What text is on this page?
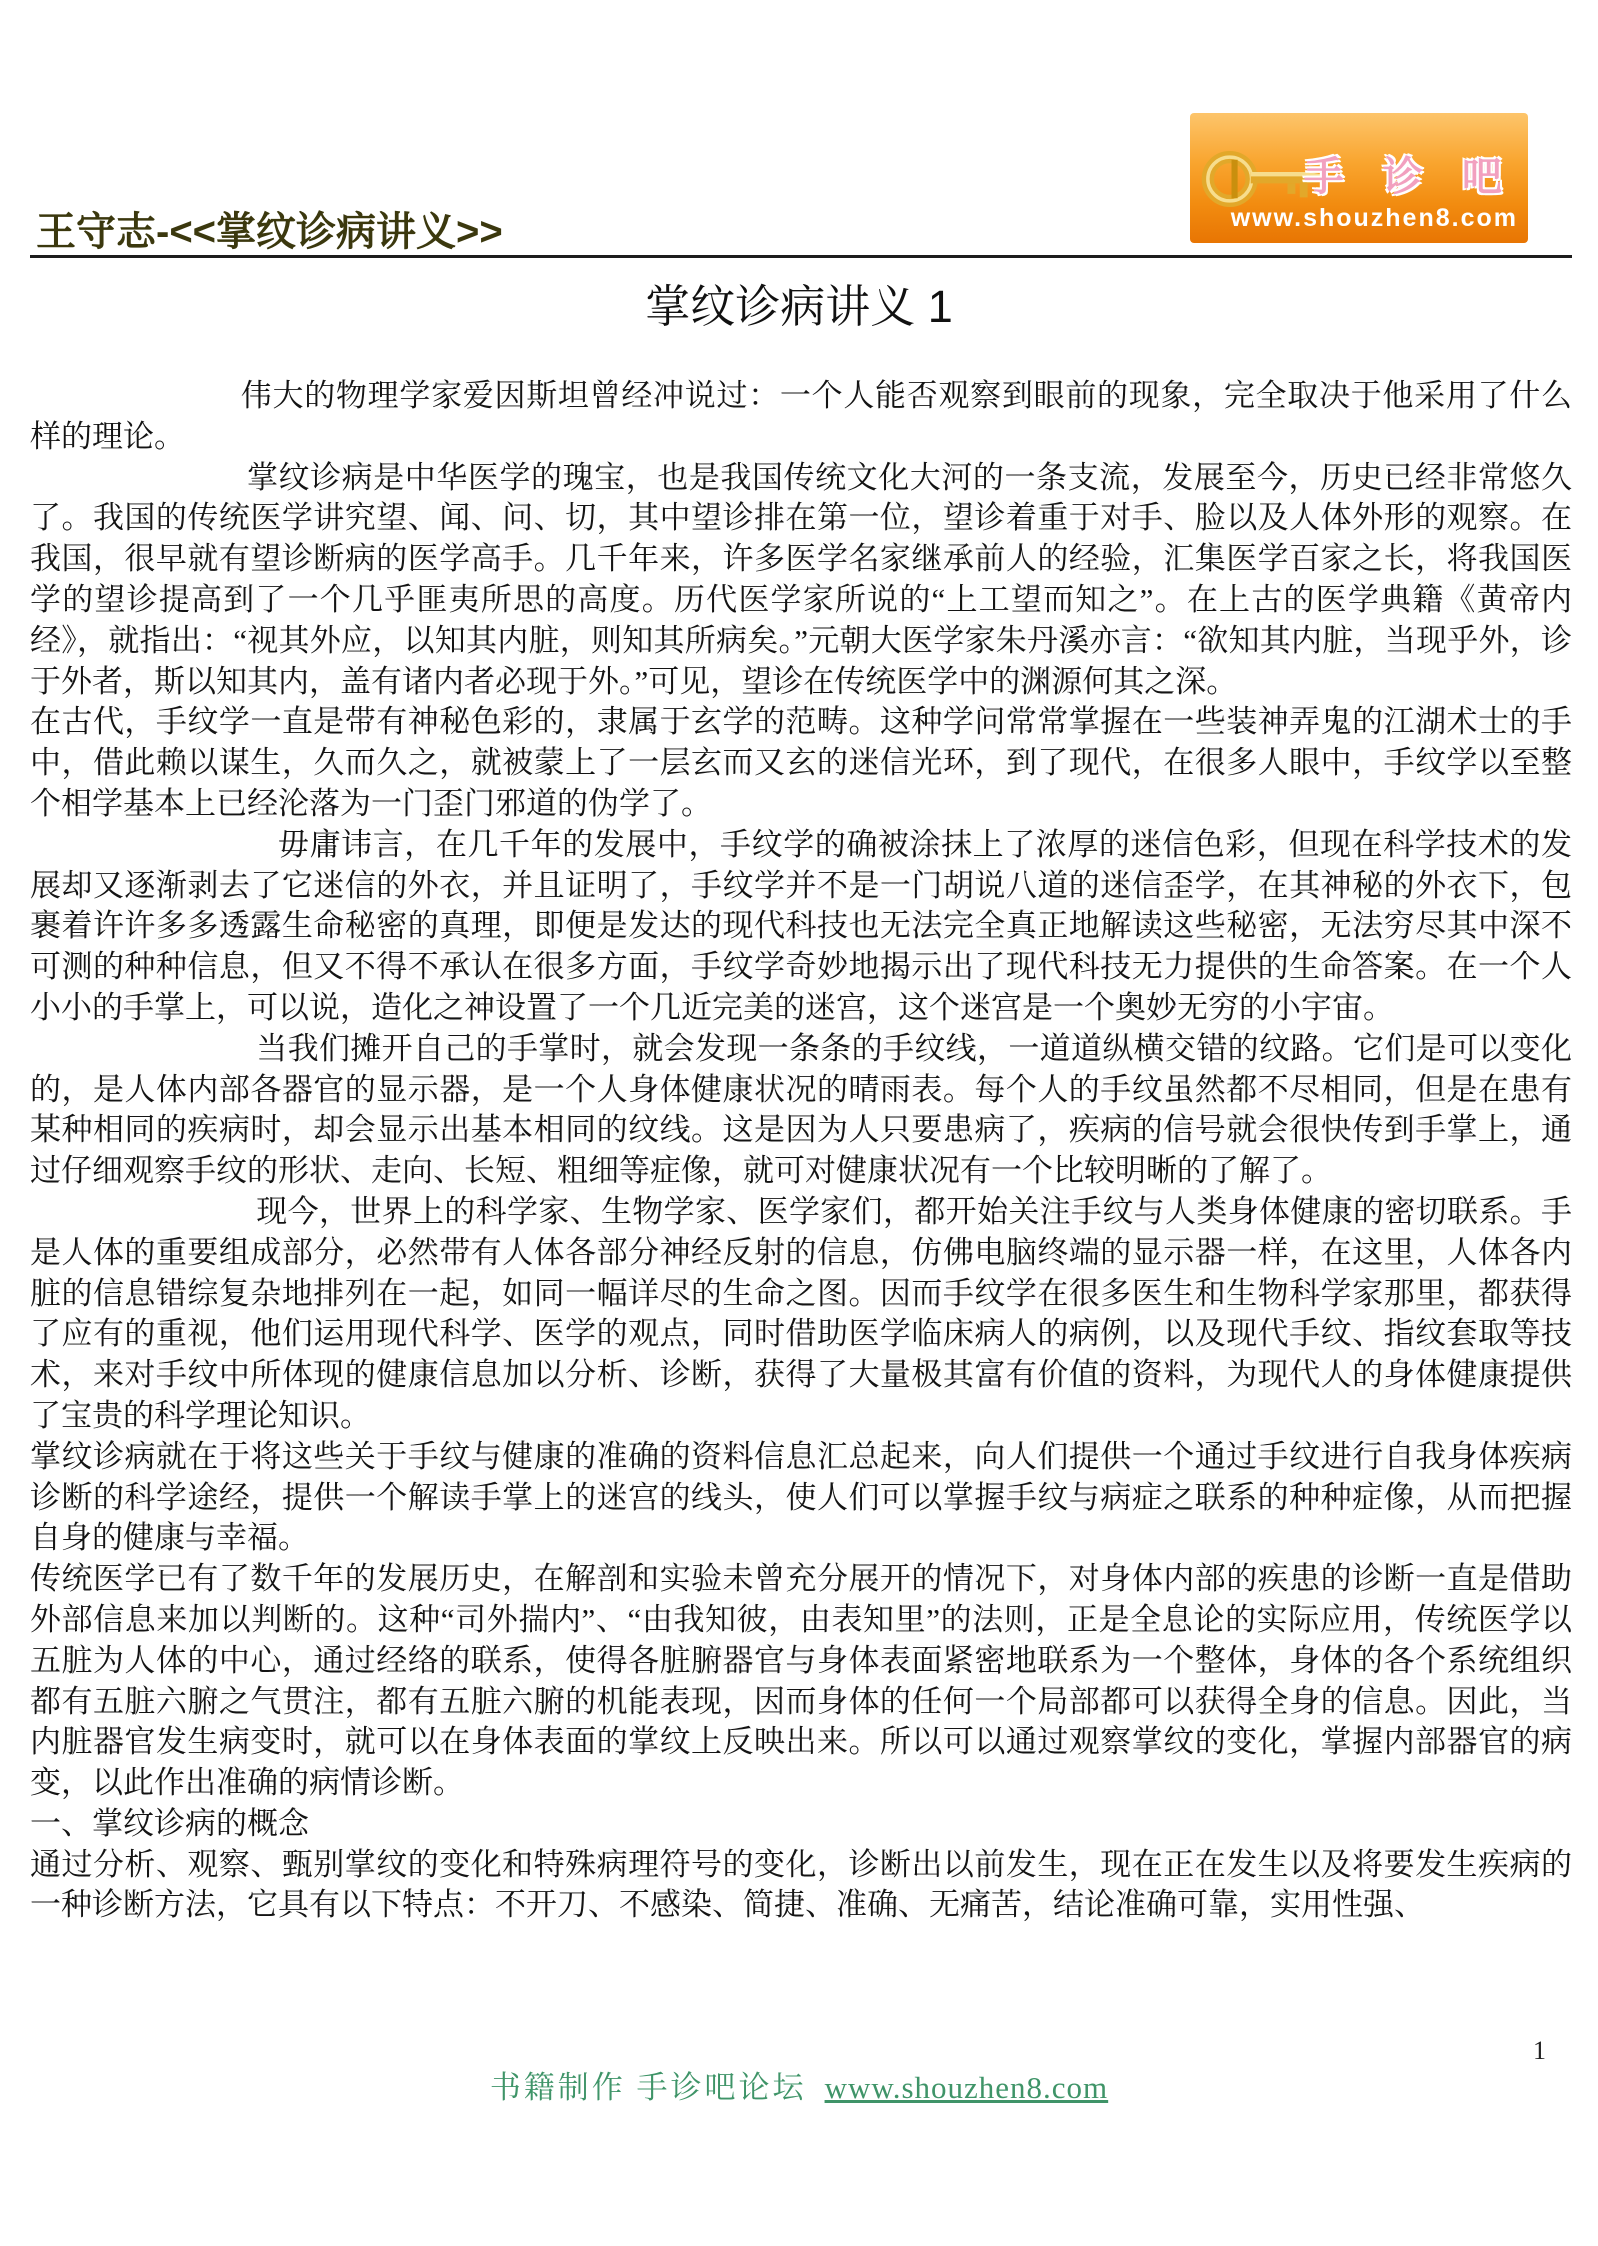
手 诊 吧
www.shouzhen8.com
王守志-<<掌纹诊病讲义>>
掌纹诊病讲义 1

伟大的物理学家爱因斯坦曾经冲说过：一个人能否观察到眼前的现象，完全取决于他采用了什么样的理论。

掌纹诊病是中华医学的瑰宝，也是我国传统文化大河的一条支流，发展至今，历史已经非常悠久了。我国的传统医学讲究望、闻、问、切，其中望诊排在第一位，望诊着重于对手、脸以及人体外形的观察。在我国，很早就有望诊断病的医学高手。几千年来，许多医学名家继承前人的经验，汇集医学百家之长，将我国医学的望诊提高到了一个几乎匪夷所思的高度。历代医学家所说的“上工望而知之”。在上古的医学典籍《黄帝内经》，就指出：“视其外应，以知其内脏，则知其所病矣。”元朝大医学家朱丹溪亦言：“欲知其内脏，当现乎外，诊于外者，斯以知其内，盖有诸内者必现于外。”可见，望诊在传统医学中的渊源何其之深。

在古代，手纹学一直是带有神秘色彩的，隶属于玄学的范畴。这种学问常常掌握在一些装神弄鬼的江湖术士的手中，借此赖以谋生，久而久之，就被蒙上了一层玄而又玄的迷信光环，到了现代，在很多人眼中，手纹学以至整个相学基本上已经沦落为一门歪门邪道的伪学了。

毋庸讳言，在几千年的发展中，手纹学的确被涂抹上了浓厚的迷信色彩，但现在科学技术的发展却又逐渐剥去了它迷信的外衣，并且证明了，手纹学并不是一门胡说八道的迷信歪学，在其神秘的外衣下，包裹着许许多多透露生命秘密的真理，即便是发达的现代科技也无法完全真正地解读这些秘密，无法穷尽其中深不可测的种种信息，但又不得不承认在很多方面，手纹学奇妙地揭示出了现代科技无力提供的生命答案。在一个人小小的手掌上，可以说，造化之神设置了一个几近完美的迷宫，这个迷宫是一个奥妙无穷的小宇宙。

当我们摊开自己的手掌时，就会发现一条条的手纹线，一道道纵横交错的纹路。它们是可以变化的，是人体内部各器官的显示器，是一个人身体健康状况的晴雨表。每个人的手纹虽然都不尽相同，但是在患有某种相同的疾病时，却会显示出基本相同的纹线。这是因为人只要患病了，疾病的信号就会很快传到手掌上，通过仔细观察手纹的形状、走向、长短、粗细等症像，就可对健康状况有一个比较明晰的了解了。

现今，世界上的科学家、生物学家、医学家们，都开始关注手纹与人类身体健康的密切联系。手是人体的重要组成部分，必然带有人体各部分神经反射的信息，仿佛电脑终端的显示器一样，在这里，人体各内脏的信息错综复杂地排列在一起，如同一幅详尽的生命之图。因而手纹学在很多医生和生物科学家那里，都获得了应有的重视，他们运用现代科学、医学的观点，同时借助医学临床病人的病例，以及现代手纹、指纹套取等技术，来对手纹中所体现的健康信息加以分析、诊断，获得了大量极其富有价值的资料，为现代人的身体健康提供了宝贵的科学理论知识。

掌纹诊病就在于将这些关于手纹与健康的准确的资料信息汇总起来，向人们提供一个通过手纹进行自我身体疾病诊断的科学途经，提供一个解读手掌上的迷宫的线头，使人们可以掌握手纹与病症之联系的种种症像，从而把握自身的健康与幸福。

传统医学已有了数千年的发展历史，在解剖和实验未曾充分展开的情况下，对身体内部的疾患的诊断一直是借助外部信息来加以判断的。这种“司外揣内”、“由我知彼，由表知里”的法则，正是全息论的实际应用，传统医学以五脏为人体的中心，通过经络的联系，使得各脏腑器官与身体表面紧密地联系为一个整体，身体的各个系统组织都有五脏六腑之气贯注，都有五脏六腑的机能表现，因而身体的任何一个局部都可以获得全身的信息。因此，当内脏器官发生病变时，就可以在身体表面的掌纹上反映出来。所以可以通过观察掌纹的变化，掌握内部器官的病变，以此作出准确的病情诊断。

一、掌纹诊病的概念

通过分析、观察、甄别掌纹的变化和特殊病理符号的变化，诊断出以前发生，现在正在发生以及将要发生疾病的一种诊断方法，它具有以下特点：不开刀、不感染、简捷、准确、无痛苦，结论准确可靠，实用性强、

书籍制作 手诊吧论坛 www.shouzhen8.com
1
